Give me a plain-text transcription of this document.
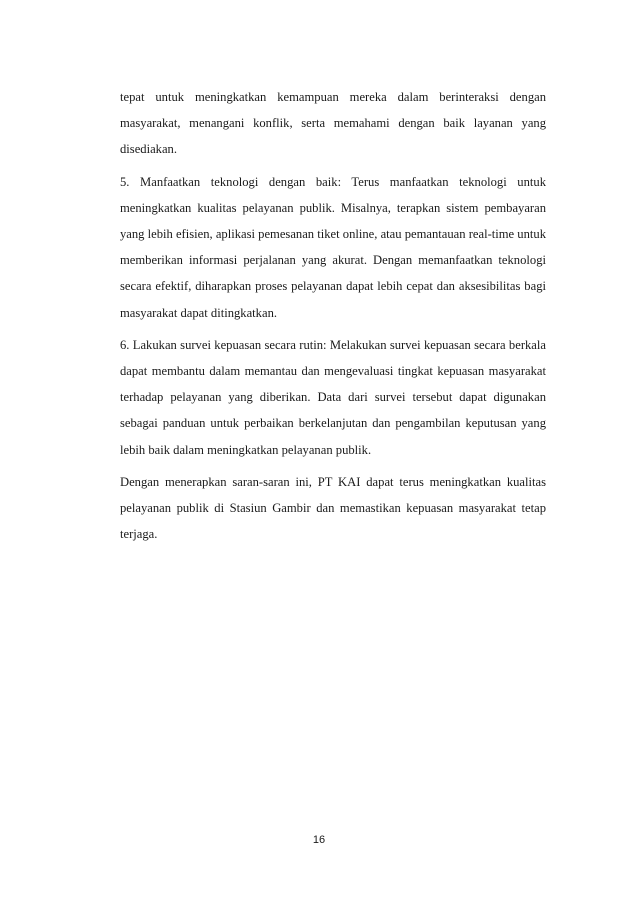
tepat untuk meningkatkan kemampuan mereka dalam berinteraksi dengan masyarakat, menangani konflik, serta memahami dengan baik layanan yang disediakan.

5. Manfaatkan teknologi dengan baik: Terus manfaatkan teknologi untuk meningkatkan kualitas pelayanan publik. Misalnya, terapkan sistem pembayaran yang lebih efisien, aplikasi pemesanan tiket online, atau pemantauan real-time untuk memberikan informasi perjalanan yang akurat. Dengan memanfaatkan teknologi secara efektif, diharapkan proses pelayanan dapat lebih cepat dan aksesibilitas bagi masyarakat dapat ditingkatkan.

6. Lakukan survei kepuasan secara rutin: Melakukan survei kepuasan secara berkala dapat membantu dalam memantau dan mengevaluasi tingkat kepuasan masyarakat terhadap pelayanan yang diberikan. Data dari survei tersebut dapat digunakan sebagai panduan untuk perbaikan berkelanjutan dan pengambilan keputusan yang lebih baik dalam meningkatkan pelayanan publik.

Dengan menerapkan saran-saran ini, PT KAI dapat terus meningkatkan kualitas pelayanan publik di Stasiun Gambir dan memastikan kepuasan masyarakat tetap terjaga.

16
